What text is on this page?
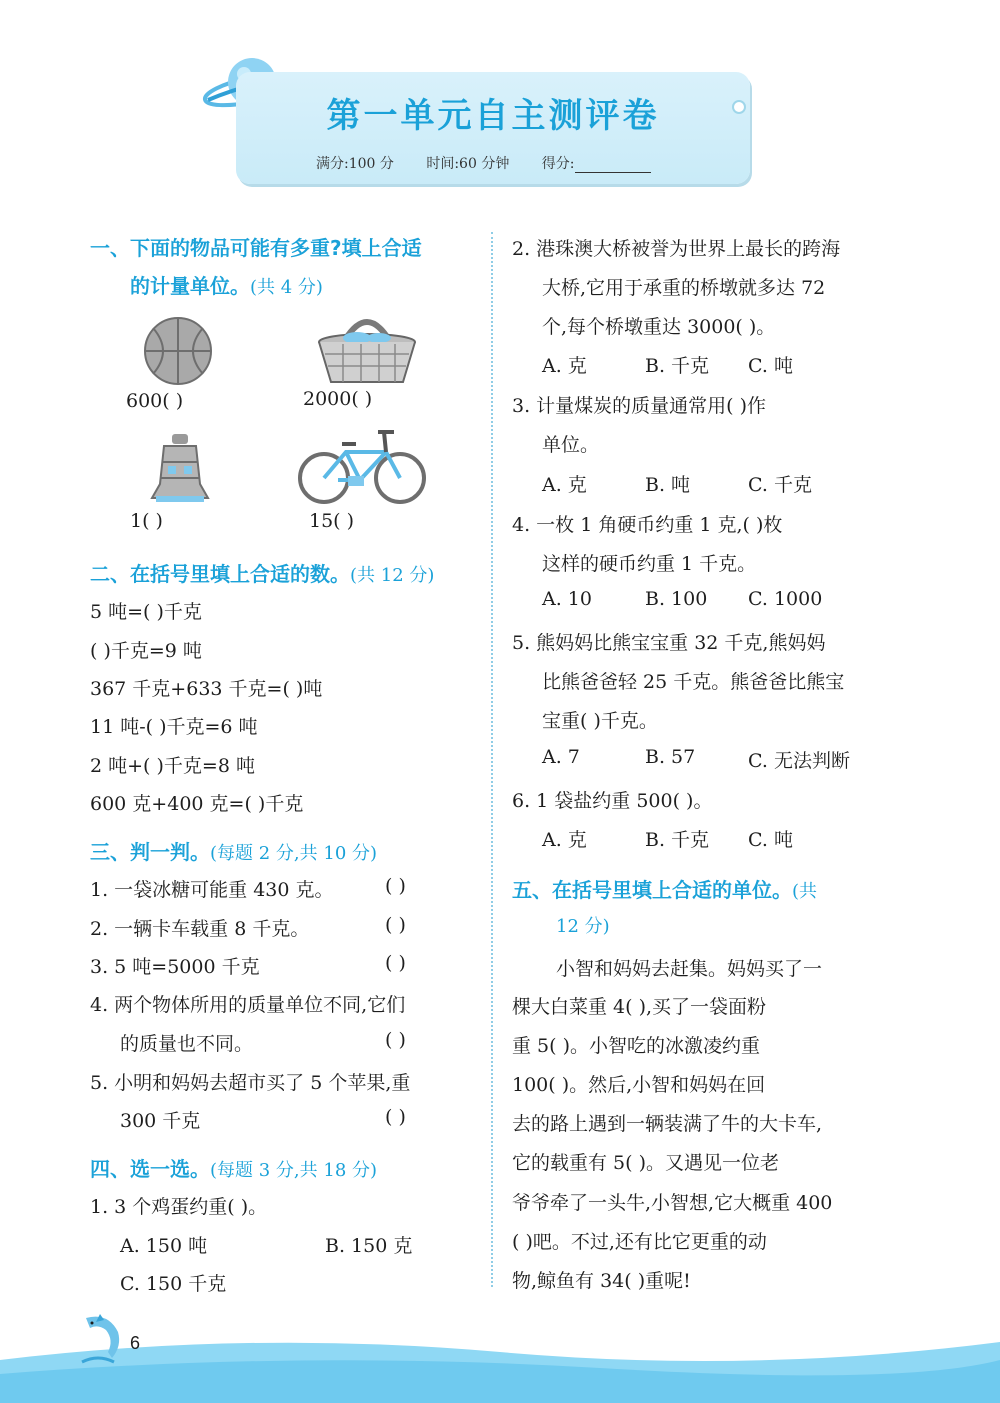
第一单元自主测评卷
满分:100 分 时间:60 分钟 得分:
一、下面的物品可能有多重?填上合适
的计量单位。(共 4 分)
600( )	2000( )
1( )	15( )
二、在括号里填上合适的数。(共 12 分)
5 吨=( )千克
( )千克=9 吨
367 千克+633 千克=( )吨
11 吨-( )千克=6 吨
2 吨+( )千克=8 吨
600 克+400 克=( )千克
三、判一判。(每题 2 分,共 10 分)
1. 一袋冰糖可能重 430 克。	( )
2. 一辆卡车载重 8 千克。	( )
3. 5 吨=5000 千克	( )
4. 两个物体所用的质量单位不同,它们
的质量也不同。	( )
5. 小明和妈妈去超市买了 5 个苹果,重
300 千克	( )
四、选一选。(每题 3 分,共 18 分)
1. 3 个鸡蛋约重( )。
A. 150 吨	B. 150 克
C. 150 千克
2. 港珠澳大桥被誉为世界上最长的跨海
大桥,它用于承重的桥墩就多达 72
个,每个桥墩重达 3000( )。
A. 克	B. 千克 C. 吨
3. 计量煤炭的质量通常用( )作
单位。
A. 克	B. 吨	C. 千克
4. 一枚 1 角硬币约重 1 克,( )枚
这样的硬币约重 1 千克。
A. 10	B. 100 C. 1000
5. 熊妈妈比熊宝宝重 32 千克,熊妈妈
比熊爸爸轻 25 千克。熊爸爸比熊宝
宝重( )千克。
A. 7	B. 57	C. 无法判断
6. 1 袋盐约重 500( )。
A. 克	B. 千克 C. 吨
五、在括号里填上合适的单位。(共
12 分)
小智和妈妈去赶集。妈妈买了一
棵大白菜重 4( ),买了一袋面粉
重 5( )。小智吃的冰激凌约重
100( )。然后,小智和妈妈在回
去的路上遇到一辆装满了牛的大卡车,
它的载重有 5( )。又遇见一位老
爷爷牵了一头牛,小智想,它大概重 400
( )吧。不过,还有比它更重的动
物,鲸鱼有 34( )重呢!
6
